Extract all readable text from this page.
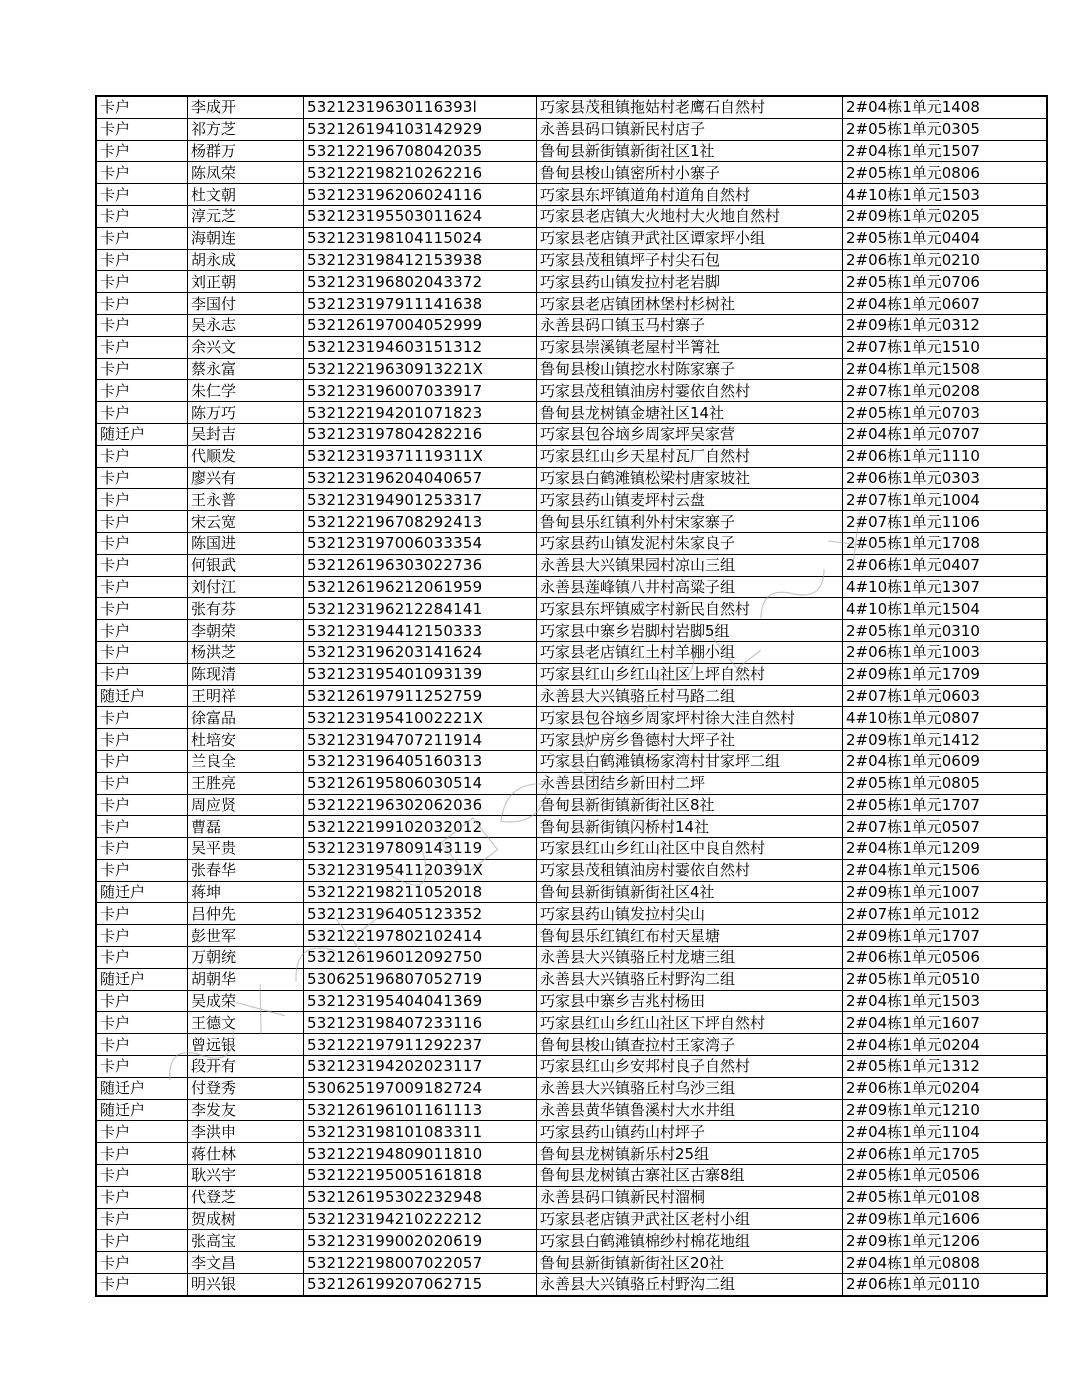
卡户	李成开	53212319630116393l	巧家县茂租镇拖姑村老鹰石自然村	2#04栋1单元1408
卡户	祁方芝	532126194103142929	永善县码口镇新民村店子	2#05栋1单元0305
卡户	杨群万	532122196708042035	鲁甸县新街镇新街社区1社	2#04栋1单元1507
卡户	陈凤荣	532122198210262216	鲁甸县梭山镇密所村小寨子	2#05栋1单元0806
卡户	杜文朝	532123196206024116	巧家县东坪镇道角村道角自然村	4#10栋1单元1503
卡户	淳元芝	532123195503011624	巧家县老店镇大火地村大火地自然村	2#09栋1单元0205
卡户	海朝连	532123198104115024	巧家县老店镇尹武社区谭家坪小组	2#05栋1单元0404
卡户	胡永成	532123198412153938	巧家县茂租镇坪子村尖石包	2#06栋1单元0210
卡户	刘正朝	532123196802043372	巧家县药山镇发拉村老岩脚	2#05栋1单元0706
卡户	李国付	532123197911141638	巧家县老店镇团林堡村杉树社	2#04栋1单元0607
卡户	吴永志	532126197004052999	永善县码口镇玉马村寨子	2#09栋1单元0312
卡户	余兴文	532123194603151312	巧家县崇溪镇老屋村半箐社	2#07栋1单元1510
卡户	蔡永富	53212219630913221X	鲁甸县梭山镇挖水村陈家寨子	2#04栋1单元1508
卡户	朱仁学	532123196007033917	巧家县茂租镇油房村霎依自然村	2#07栋1单元0208
卡户	陈万巧	532122194201071823	鲁甸县龙树镇金塘社区14社	2#05栋1单元0703
随迁户	吴封吉	532123197804282216	巧家县包谷垴乡周家坪吴家营	2#04栋1单元0707
卡户	代顺发	53212319371119311X	巧家县红山乡天星村瓦厂自然村	2#06栋1单元1110
卡户	廖兴有	532123196204040657	巧家县白鹤滩镇松梁村唐家坡社	2#06栋1单元0303
卡户	王永普	532123194901253317	巧家县药山镇麦坪村云盘	2#07栋1单元1004
卡户	宋云宽	532122196708292413	鲁甸县乐红镇利外村宋家寨子	2#07栋1单元1106
卡户	陈国进	532123197006033354	巧家县药山镇发泥村朱家良子	2#05栋1单元1708
卡户	何银武	532126196303022736	永善县大兴镇果园村凉山三组	2#06栋1单元0407
卡户	刘付江	532126196212061959	永善县莲峰镇八井村高粱子组	4#10栋1单元1307
卡户	张有芬	532123196212284141	巧家县东坪镇威字村新民自然村	4#10栋1单元1504
卡户	李朝荣	532123194412150333	巧家县中寨乡岩脚村岩脚5组	2#05栋1单元0310
卡户	杨洪芝	532123196203141624	巧家县老店镇红土村羊棚小组	2#06栋1单元1003
卡户	陈现清	532123195401093139	巧家县红山乡红山社区上坪自然村	2#09栋1单元1709
随迁户	王明祥	532126197911252759	永善县大兴镇骆丘村马路二组	2#07栋1单元0603
卡户	徐富品	53212319541002221X	巧家县包谷垴乡周家坪村徐大洼自然村	4#10栋1单元0807
卡户	杜培安	532123194707211914	巧家县炉房乡鲁德村大坪子社	2#09栋1单元1412
卡户	兰良全	532123196405160313	巧家县白鹤滩镇杨家湾村甘家坪二组	2#04栋1单元0609
卡户	王胜亮	532126195806030514	永善县团结乡新田村二坪	2#05栋1单元0805
卡户	周应贤	532122196302062036	鲁甸县新街镇新街社区8社	2#05栋1单元1707
卡户	曹磊	532122199102032012	鲁甸县新街镇闪桥村14社	2#07栋1单元0507
卡户	吴平贵	532123197809143119	巧家县红山乡红山社区中良自然村	2#04栋1单元1209
卡户	张春华	53212319541120391X	巧家县茂租镇油房村霎依自然村	2#04栋1单元1506
随迁户	蒋坤	532122198211052018	鲁甸县新街镇新街社区4社	2#09栋1单元1007
卡户	吕仲先	532123196405123352	巧家县药山镇发拉村尖山	2#07栋1单元1012
卡户	彭世军	532122197802102414	鲁甸县乐红镇红布村天星塘	2#09栋1单元1707
卡户	万朝统	532126196012092750	永善县大兴镇骆丘村龙塘三组	2#06栋1单元0506
随迁户	胡朝华	530625196807052719	永善县大兴镇骆丘村野沟二组	2#05栋1单元0510
卡户	吴成荣	532123195404041369	巧家县中寨乡吉兆村杨田	2#04栋1单元1503
卡户	王德文	532123198407233116	巧家县红山乡红山社区下坪自然村	2#04栋1单元1607
卡户	曾远银	532122197911292237	鲁甸县梭山镇查拉村王家湾子	2#04栋1单元0204
卡户	段开有	532123194202023117	巧家县红山乡安邦村良子自然村	2#05栋1单元1312
随迁户	付登秀	530625197009182724	永善县大兴镇骆丘村乌沙三组	2#06栋1单元0204
随迁户	李发友	532126196101161113	永善县黄华镇鲁溪村大水井组	2#09栋1单元1210
卡户	李洪申	532123198101083311	巧家县药山镇药山村坪子	2#04栋1单元1104
卡户	蒋仕林	532122194809011810	鲁甸县龙树镇新乐村25组	2#06栋1单元1705
卡户	耿兴宇	532122195005161818	鲁甸县龙树镇古寨社区古寨8组	2#05栋1单元0506
卡户	代登芝	532126195302232948	永善县码口镇新民村溜桐	2#05栋1单元0108
卡户	贺成树	532123194210222212	巧家县老店镇尹武社区老村小组	2#09栋1单元1606
卡户	张高宝	532123199002020619	巧家县白鹤滩镇棉纱村棉花地组	2#09栋1单元1206
卡户	李文昌	532122198007022057	鲁甸县新街镇新街社区20社	2#04栋1单元0808
卡户	明兴银	532126199207062715	永善县大兴镇骆丘村野沟二组	2#06栋1单元0110
